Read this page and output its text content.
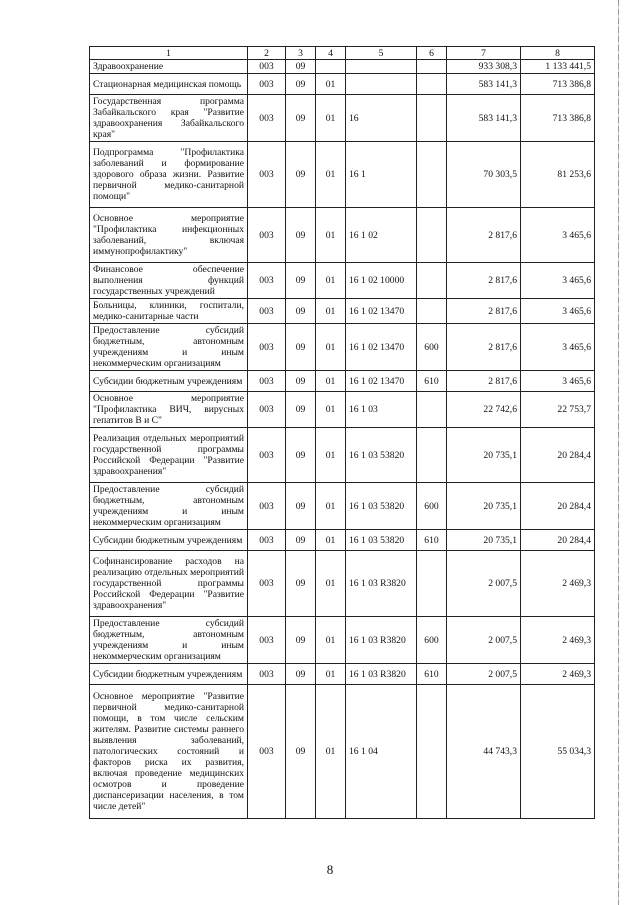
1	2	3	4	5	6	7	8
Здравоохранение	003	09				933 308,3	1 133 441,5
Стационарная медицинская помощь	003	09	01			583 141,3	713 386,8
Государственная программа Забайкальского края "Развитие здравоохранения Забайкальского края"	003	09	01	16		583 141,3	713 386,8
Подпрограмма "Профилактика заболеваний и формирование здорового образа жизни. Развитие первичной медико-санитарной помощи"	003	09	01	16 1		70 303,5	81 253,6
Основное мероприятие "Профилактика инфекционных заболеваний, включая иммунопрофилактику"	003	09	01	16 1 02		2 817,6	3 465,6
Финансовое обеспечение выполнения функций государственных учреждений	003	09	01	16 1 02 10000		2 817,6	3 465,6
Больницы, клиники, госпитали, медико-санитарные части	003	09	01	16 1 02 13470		2 817,6	3 465,6
Предоставление субсидий бюджетным, автономным учреждениям и иным некоммерческим организациям	003	09	01	16 1 02 13470	600	2 817,6	3 465,6
Субсидии бюджетным учреждениям	003	09	01	16 1 02 13470	610	2 817,6	3 465,6
Основное мероприятие "Профилактика ВИЧ, вирусных гепатитов В и С"	003	09	01	16 1 03		22 742,6	22 753,7
Реализация отдельных мероприятий государственной программы Российской Федерации "Развитие здравоохранения"	003	09	01	16 1 03 53820		20 735,1	20 284,4
Предоставление субсидий бюджетным, автономным учреждениям и иным некоммерческим организациям	003	09	01	16 1 03 53820	600	20 735,1	20 284,4
Субсидии бюджетным учреждениям	003	09	01	16 1 03 53820	610	20 735,1	20 284,4
Софинансирование расходов на реализацию отдельных мероприятий государственной программы Российской Федерации "Развитие здравоохранения"	003	09	01	16 1 03 R3820		2 007,5	2 469,3
Предоставление субсидий бюджетным, автономным учреждениям и иным некоммерческим организациям	003	09	01	16 1 03 R3820	600	2 007,5	2 469,3
Субсидии бюджетным учреждениям	003	09	01	16 1 03 R3820	610	2 007,5	2 469,3
Основное мероприятие "Развитие первичной медико-санитарной помощи, в том числе сельским жителям. Развитие системы раннего выявления заболеваний, патологических состояний и факторов риска их развития, включая проведение медицинских осмотров и проведение диспансеризации населения, в том числе детей"	003	09	01	16 1 04		44 743,3	55 034,3
8
